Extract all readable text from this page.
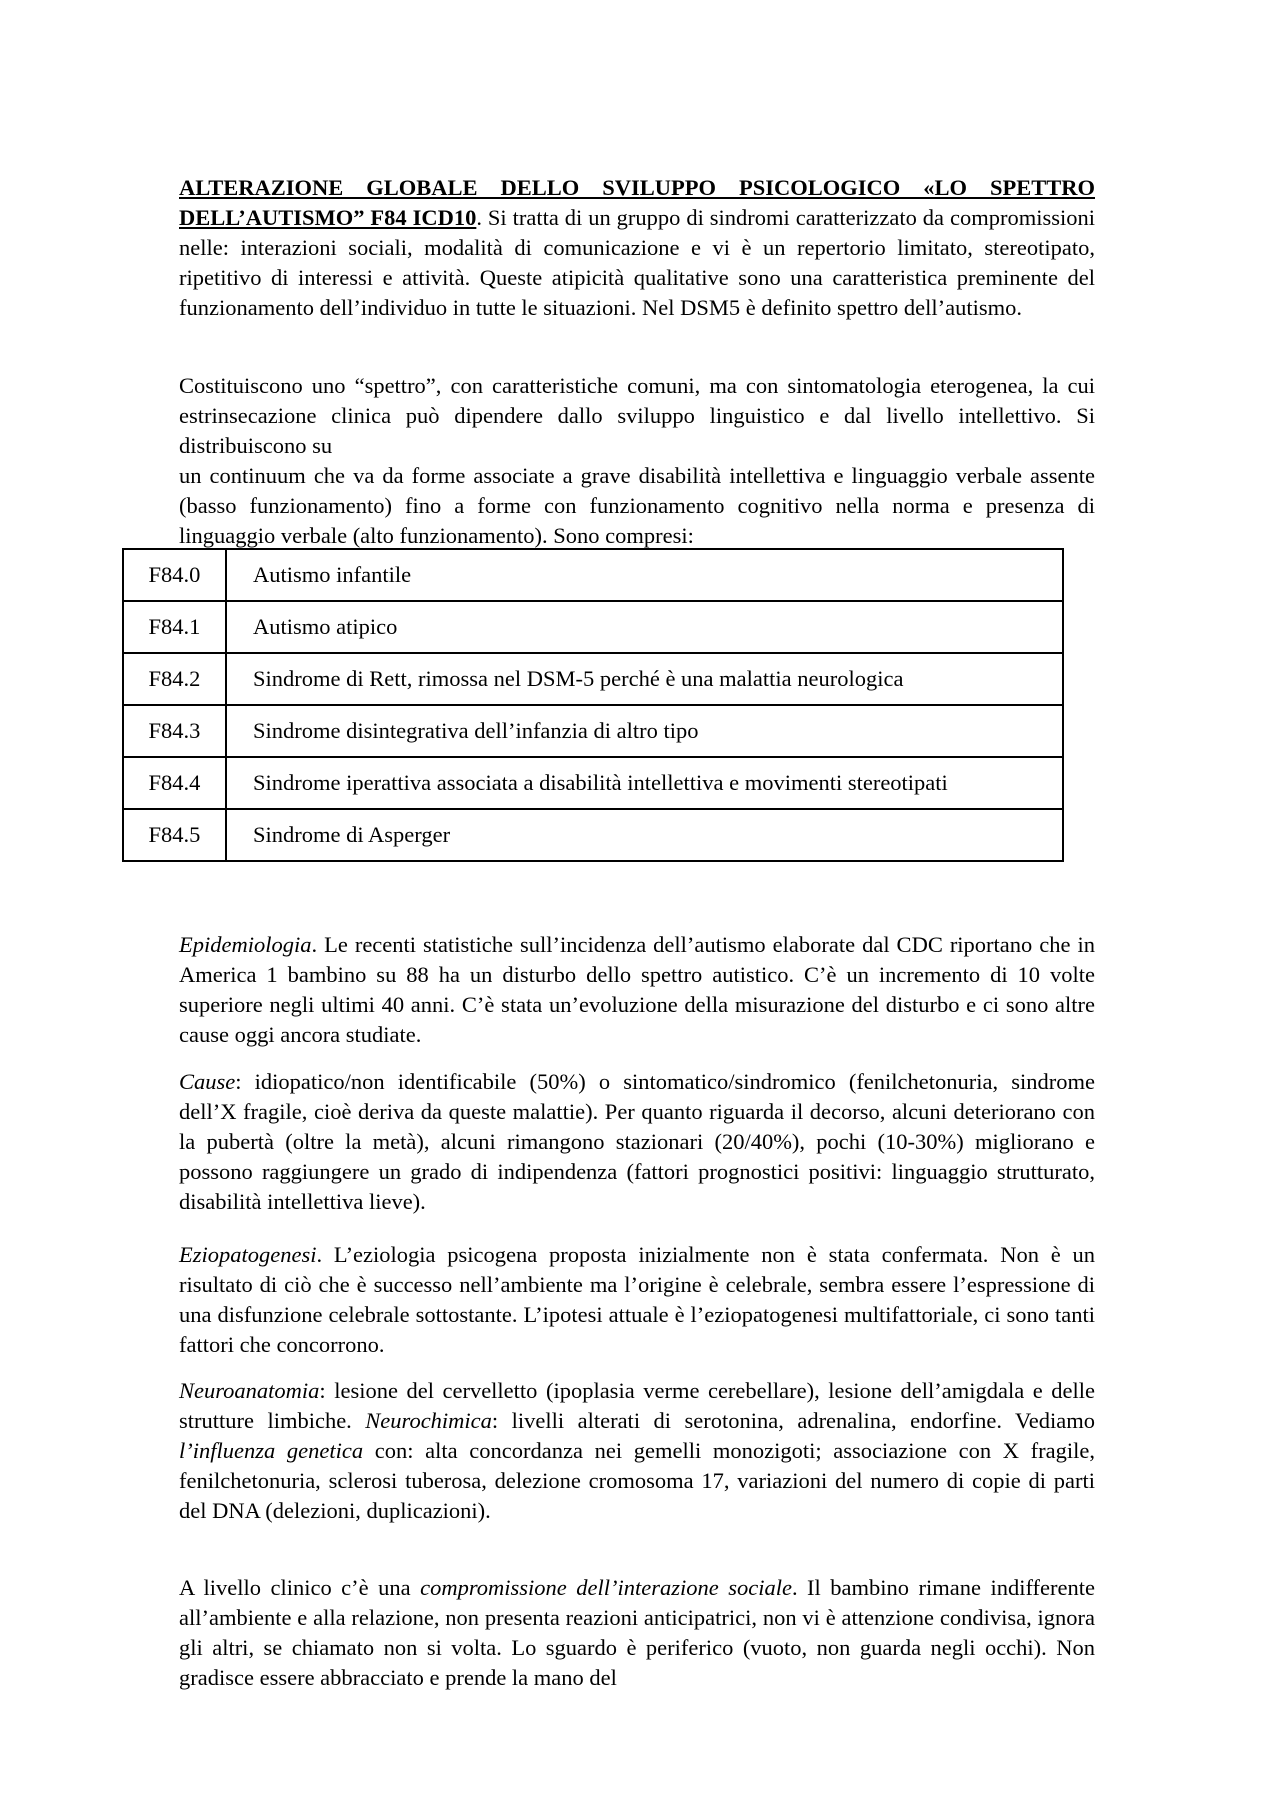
ALTERAZIONE GLOBALE DELLO SVILUPPO PSICOLOGICO «LO SPETTRO DELL’AUTISMO” F84 ICD10. Si tratta di un gruppo di sindromi caratterizzato da compromissioni nelle: interazioni sociali, modalità di comunicazione e vi è un repertorio limitato, stereotipato, ripetitivo di interessi e attività. Queste atipicità qualitative sono una caratteristica preminente del funzionamento dell’individuo in tutte le situazioni. Nel DSM5 è definito spettro dell’autismo.

Costituiscono uno “spettro”, con caratteristiche comuni, ma con sintomatologia eterogenea, la cui estrinsecazione clinica può dipendere dallo sviluppo linguistico e dal livello intellettivo. Si distribuiscono su

un continuum che va da forme associate a grave disabilità intellettiva e linguaggio verbale assente (basso funzionamento) fino a forme con funzionamento cognitivo nella norma e presenza di linguaggio verbale (alto funzionamento). Sono compresi:

F84.0	Autismo infantile
F84.1	Autismo atipico
F84.2	Sindrome di Rett, rimossa nel DSM-5 perché è una malattia neurologica
F84.3	Sindrome disintegrativa dell’infanzia di altro tipo
F84.4	Sindrome iperattiva associata a disabilità intellettiva e movimenti stereotipati
F84.5	Sindrome di Asperger

Epidemiologia. Le recenti statistiche sull’incidenza dell’autismo elaborate dal CDC riportano che in America 1 bambino su 88 ha un disturbo dello spettro autistico. C’è un incremento di 10 volte superiore negli ultimi 40 anni. C’è stata un’evoluzione della misurazione del disturbo e ci sono altre cause oggi ancora studiate.

Cause: idiopatico/non identificabile (50%) o sintomatico/sindromico (fenilchetonuria, sindrome dell’X fragile, cioè deriva da queste malattie). Per quanto riguarda il decorso, alcuni deteriorano con la pubertà (oltre la metà), alcuni rimangono stazionari (20/40%), pochi (10-30%) migliorano e possono raggiungere un grado di indipendenza (fattori prognostici positivi: linguaggio strutturato, disabilità intellettiva lieve).

Eziopatogenesi. L’eziologia psicogena proposta inizialmente non è stata confermata. Non è un risultato di ciò che è successo nell’ambiente ma l’origine è celebrale, sembra essere l’espressione di una disfunzione celebrale sottostante. L’ipotesi attuale è l’eziopatogenesi multifattoriale, ci sono tanti fattori che concorrono.

Neuroanatomia: lesione del cervelletto (ipoplasia verme cerebellare), lesione dell’amigdala e delle strutture limbiche. Neurochimica: livelli alterati di serotonina, adrenalina, endorfine. Vediamo l’influenza genetica con: alta concordanza nei gemelli monozigoti; associazione con X fragile, fenilchetonuria, sclerosi tuberosa, delezione cromosoma 17, variazioni del numero di copie di parti del DNA (delezioni, duplicazioni).

A livello clinico c’è una compromissione dell’interazione sociale. Il bambino rimane indifferente all’ambiente e alla relazione, non presenta reazioni anticipatrici, non vi è attenzione condivisa, ignora gli altri, se chiamato non si volta. Lo sguardo è periferico (vuoto, non guarda negli occhi). Non gradisce essere abbracciato e prende la mano del
